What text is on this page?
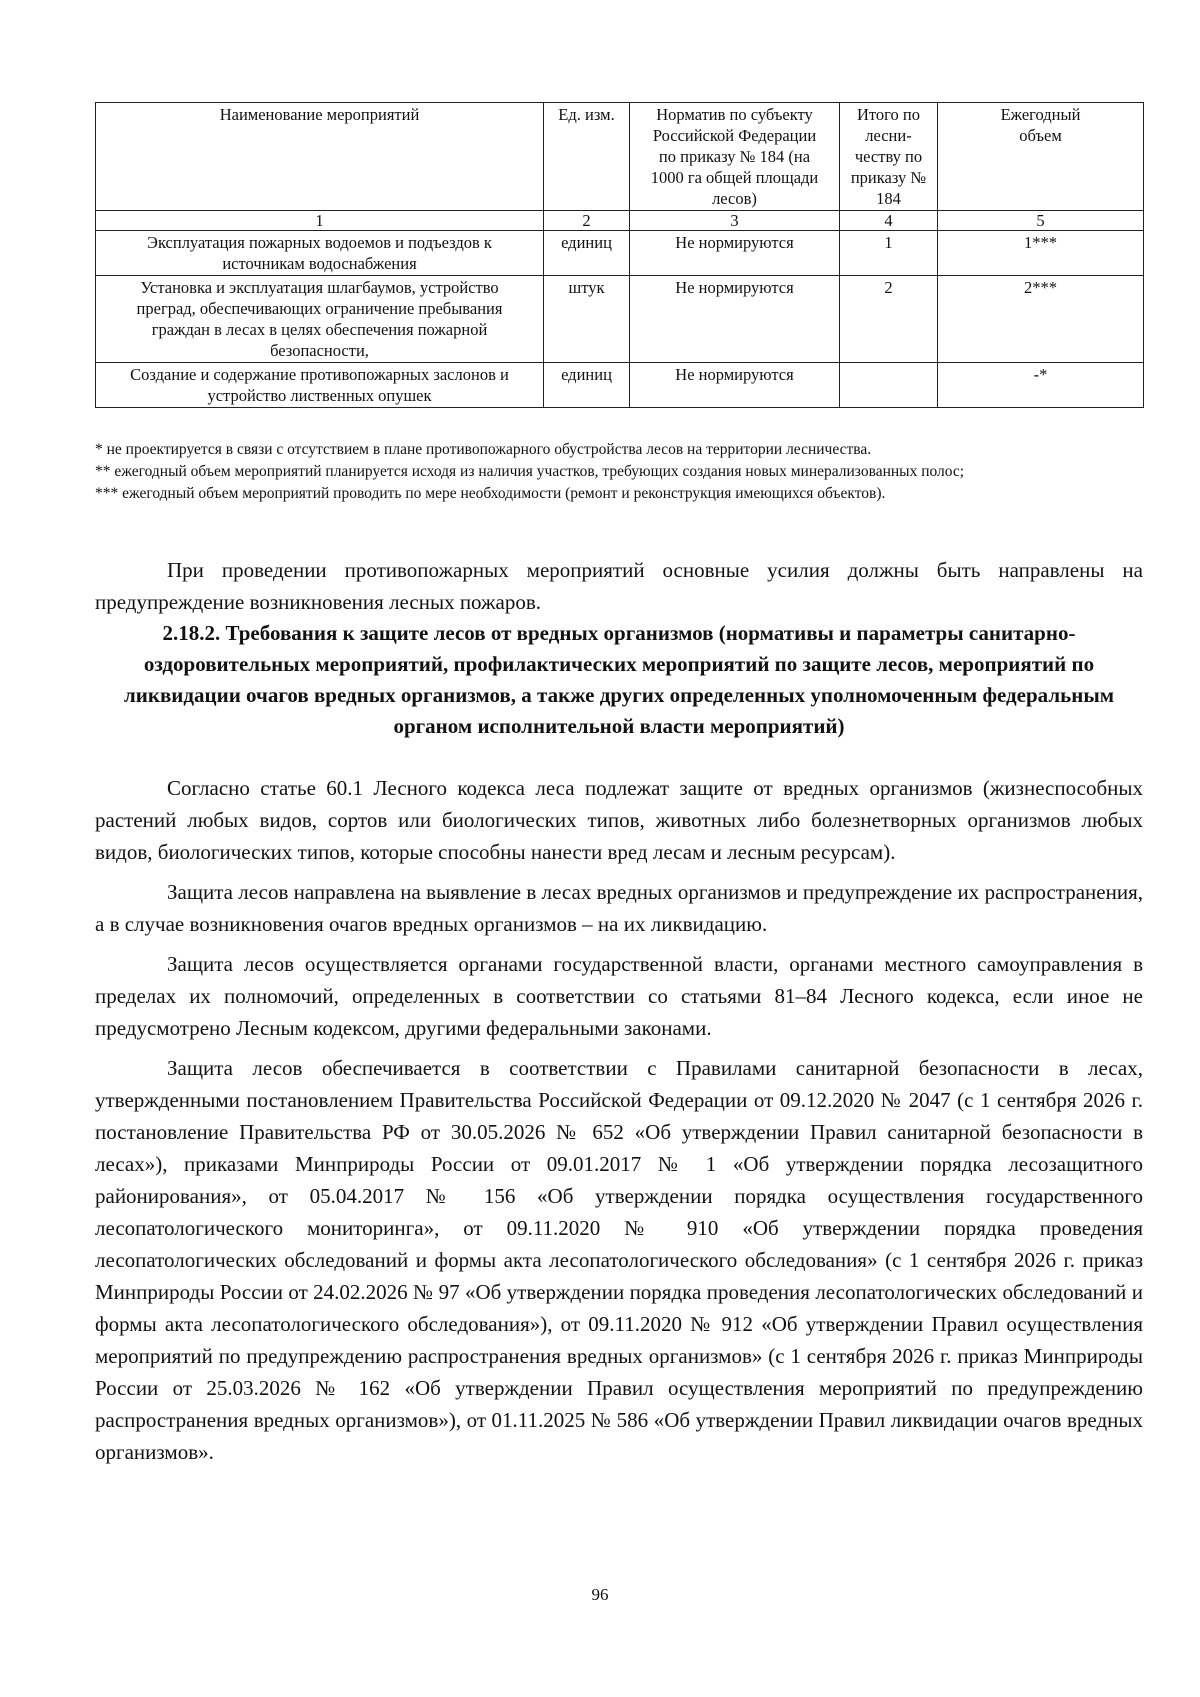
Наименование мероприятий	Ед. изм.	Норматив по субъекту Российской Федерации по приказу № 184 (на 1000 га общей площади лесов)	Итого по лесни-честву по приказу № 184	Ежегодный объем
1	2	3	4	5
Эксплуатация пожарных водоемов и подъездов к источникам водоснабжения	единиц	Не нормируются	1	1***
Установка и эксплуатация шлагбаумов, устройство преград, обеспечивающих ограничение пребывания граждан в лесах в целях обеспечения пожарной безопасности,	штук	Не нормируются	2	2***
Создание и содержание противопожарных заслонов и устройство лиственных опушек	единиц	Не нормируются		-*

* не проектируется в связи с отсутствием в плане противопожарного обустройства лесов на территории лесничества.

** ежегодный объем мероприятий планируется исходя из наличия участков, требующих создания новых минерализованных полос;

*** ежегодный объем мероприятий проводить по мере необходимости (ремонт и реконструкция имеющихся объектов).

При проведении противопожарных мероприятий основные усилия должны быть направлены на предупреждение возникновения лесных пожаров.

2.18.2. Требования к защите лесов от вредных организмов (нормативы и параметры санитарно-оздоровительных мероприятий, профилактических мероприятий по защите лесов, мероприятий по ликвидации очагов вредных организмов, а также других определенных уполномоченным федеральным органом исполнительной власти мероприятий)

Согласно статье 60.1 Лесного кодекса леса подлежат защите от вредных организмов (жизнеспособных растений любых видов, сортов или биологических типов, животных либо болезнетворных организмов любых видов, биологических типов, которые способны нанести вред лесам и лесным ресурсам).

Защита лесов направлена на выявление в лесах вредных организмов и предупреждение их распространения, а в случае возникновения очагов вредных организмов – на их ликвидацию.

Защита лесов осуществляется органами государственной власти, органами местного самоуправления в пределах их полномочий, определенных в соответствии со статьями 81–84 Лесного кодекса, если иное не предусмотрено Лесным кодексом, другими федеральными законами.

Защита лесов обеспечивается в соответствии с Правилами санитарной безопасности в лесах, утвержденными постановлением Правительства Российской Федерации от 09.12.2020 № 2047 (с 1 сентября 2026 г. постановление Правительства РФ от 30.05.2026 № 652 «Об утверждении Правил санитарной безопасности в лесах»), приказами Минприроды России от 09.01.2017 № 1 «Об утверждении порядка лесозащитного районирования», от 05.04.2017 № 156 «Об утверждении порядка осуществления государственного лесопатологического мониторинга», от 09.11.2020 № 910 «Об утверждении порядка проведения лесопатологических обследований и формы акта лесопатологического обследования» (с 1 сентября 2026 г. приказ Минприроды России от 24.02.2026 № 97 «Об утверждении порядка проведения лесопатологических обследований и формы акта лесопатологического обследования»), от 09.11.2020 № 912 «Об утверждении Правил осуществления мероприятий по предупреждению распространения вредных организмов» (с 1 сентября 2026 г. приказ Минприроды России от 25.03.2026 № 162 «Об утверждении Правил осуществления мероприятий по предупреждению распространения вредных организмов»), от 01.11.2025 № 586 «Об утверждении Правил ликвидации очагов вредных организмов».

96
